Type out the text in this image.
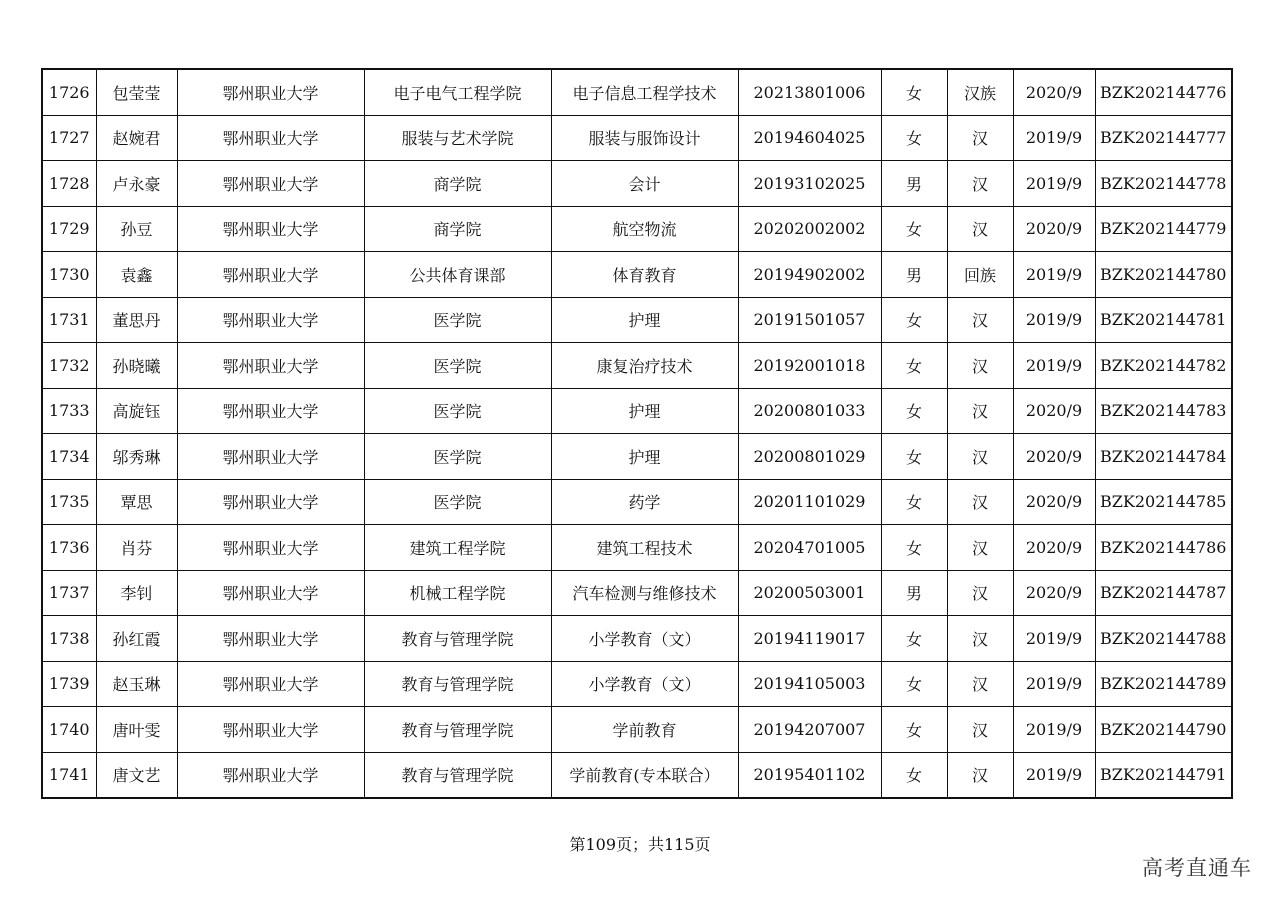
1726	包莹莹	鄂州职业大学	电子电气工程学院	电子信息工程学技术	20213801006	女	汉族	2020/9	BZK202144776
1727	赵婉君	鄂州职业大学	服装与艺术学院	服装与服饰设计	20194604025	女	汉	2019/9	BZK202144777
1728	卢永豪	鄂州职业大学	商学院	会计	20193102025	男	汉	2019/9	BZK202144778
1729	孙豆	鄂州职业大学	商学院	航空物流	20202002002	女	汉	2020/9	BZK202144779
1730	袁鑫	鄂州职业大学	公共体育课部	体育教育	20194902002	男	回族	2019/9	BZK202144780
1731	董思丹	鄂州职业大学	医学院	护理	20191501057	女	汉	2019/9	BZK202144781
1732	孙晓曦	鄂州职业大学	医学院	康复治疗技术	20192001018	女	汉	2019/9	BZK202144782
1733	高旋钰	鄂州职业大学	医学院	护理	20200801033	女	汉	2020/9	BZK202144783
1734	邬秀琳	鄂州职业大学	医学院	护理	20200801029	女	汉	2020/9	BZK202144784
1735	覃思	鄂州职业大学	医学院	药学	20201101029	女	汉	2020/9	BZK202144785
1736	肖芬	鄂州职业大学	建筑工程学院	建筑工程技术	20204701005	女	汉	2020/9	BZK202144786
1737	李钊	鄂州职业大学	机械工程学院	汽车检测与维修技术	20200503001	男	汉	2020/9	BZK202144787
1738	孙红霞	鄂州职业大学	教育与管理学院	小学教育（文）	20194119017	女	汉	2019/9	BZK202144788
1739	赵玉琳	鄂州职业大学	教育与管理学院	小学教育（文）	20194105003	女	汉	2019/9	BZK202144789
1740	唐叶雯	鄂州职业大学	教育与管理学院	学前教育	20194207007	女	汉	2019/9	BZK202144790
1741	唐文艺	鄂州职业大学	教育与管理学院	学前教育(专本联合）	20195401102	女	汉	2019/9	BZK202144791
第109页；共115页
高考直通车
